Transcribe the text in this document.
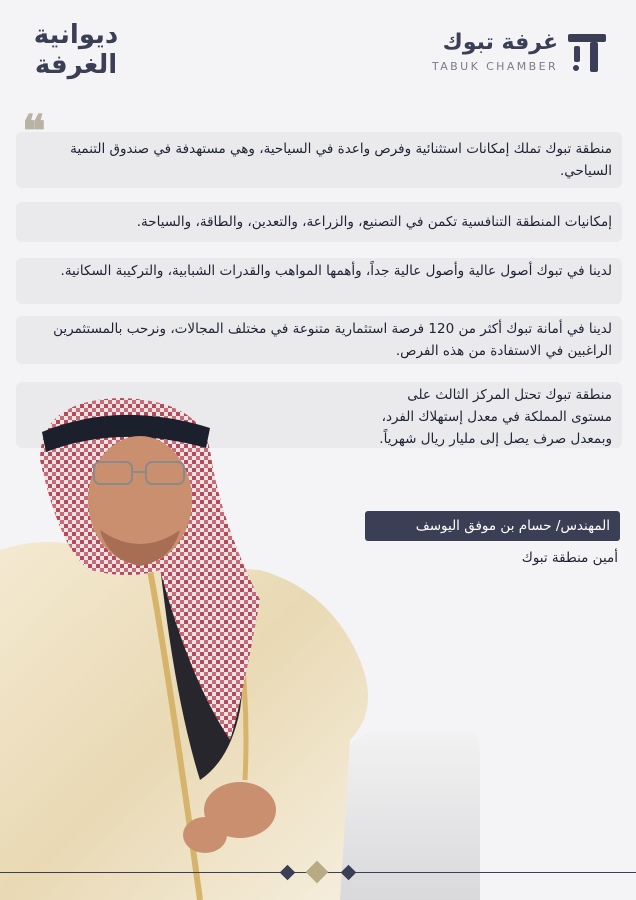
غرفة تبوك
TABUK CHAMBER
ديوانية
الغرفة
منطقة تبوك تملك إمكانات استثنائية وفرص واعدة في السياحية، وهي مستهدفة في صندوق التنمية السياحي.
إمكانيات المنطقة التنافسية تكمن في التصنيع، والزراعة، والتعدين، والطاقة، والسياحة.
لدينا في تبوك أصول عالية وأصول عالية جداً، وأهمها المواهب والقدرات الشبابية، والتركيبة السكانية.
لدينا في أمانة تبوك أكثر من 120 فرصة استثمارية متنوعة في مختلف المجالات، ونرحب بالمستثمرين الراغبين في الاستفادة من هذه الفرص.
منطقة تبوك تحتل المركز الثالث على مستوى المملكة في معدل إستهلاك الفرد، وبمعدل صرف يصل إلى مليار ريال شهرياً.
المهندس/ حسام بن موفق اليوسف
أمين منطقة تبوك
